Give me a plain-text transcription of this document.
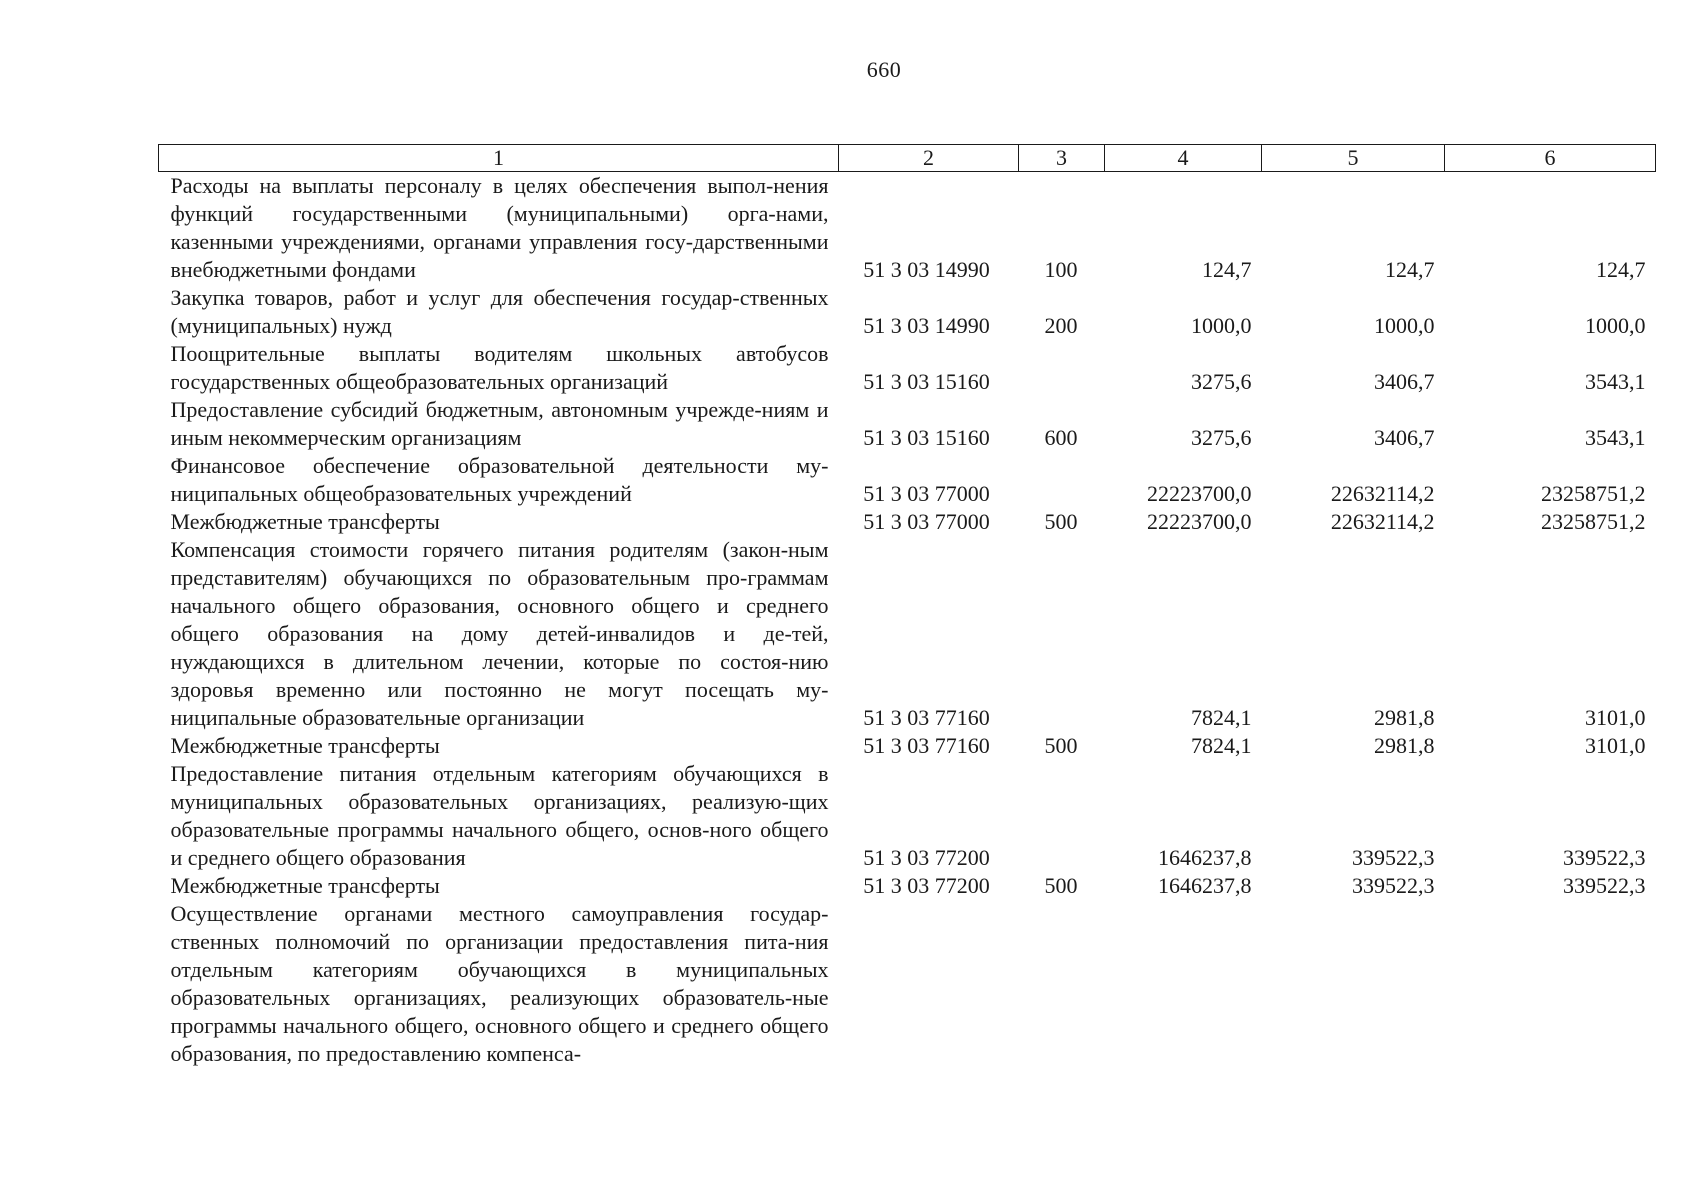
660
1	2	3	4	5	6
Расходы на выплаты персоналу в целях обеспечения выпол-нения функций государственными (муниципальными) орга-нами, казенными учреждениями, органами управления госу-дарственными внебюджетными фондами	51 3 03 14990	100	124,7	124,7	124,7
Закупка товаров, работ и услуг для обеспечения государ-ственных (муниципальных) нужд	51 3 03 14990	200	1000,0	1000,0	1000,0
Поощрительные выплаты водителям школьных автобусов государственных общеобразовательных организаций	51 3 03 15160		3275,6	3406,7	3543,1
Предоставление субсидий бюджетным, автономным учрежде-ниям и иным некоммерческим организациям	51 3 03 15160	600	3275,6	3406,7	3543,1
Финансовое обеспечение образовательной деятельности му-ниципальных общеобразовательных учреждений	51 3 03 77000		22223700,0	22632114,2	23258751,2
Межбюджетные трансферты	51 3 03 77000	500	22223700,0	22632114,2	23258751,2
Компенсация стоимости горячего питания родителям (закон-ным представителям) обучающихся по образовательным про-граммам начального общего образования, основного общего и среднего общего образования на дому детей-инвалидов и де-тей, нуждающихся в длительном лечении, которые по состоя-нию здоровья временно или постоянно не могут посещать му-ниципальные образовательные организации	51 3 03 77160		7824,1	2981,8	3101,0
Межбюджетные трансферты	51 3 03 77160	500	7824,1	2981,8	3101,0
Предоставление питания отдельным категориям обучающихся в муниципальных образовательных организациях, реализую-щих образовательные программы начального общего, основ-ного общего и среднего общего образования	51 3 03 77200		1646237,8	339522,3	339522,3
Межбюджетные трансферты	51 3 03 77200	500	1646237,8	339522,3	339522,3
Осуществление органами местного самоуправления государ-ственных полномочий по организации предоставления пита-ния отдельным категориям обучающихся в муниципальных образовательных организациях, реализующих образователь-ные программы начального общего, основного общего и среднего общего образования, по предоставлению компенса-					
